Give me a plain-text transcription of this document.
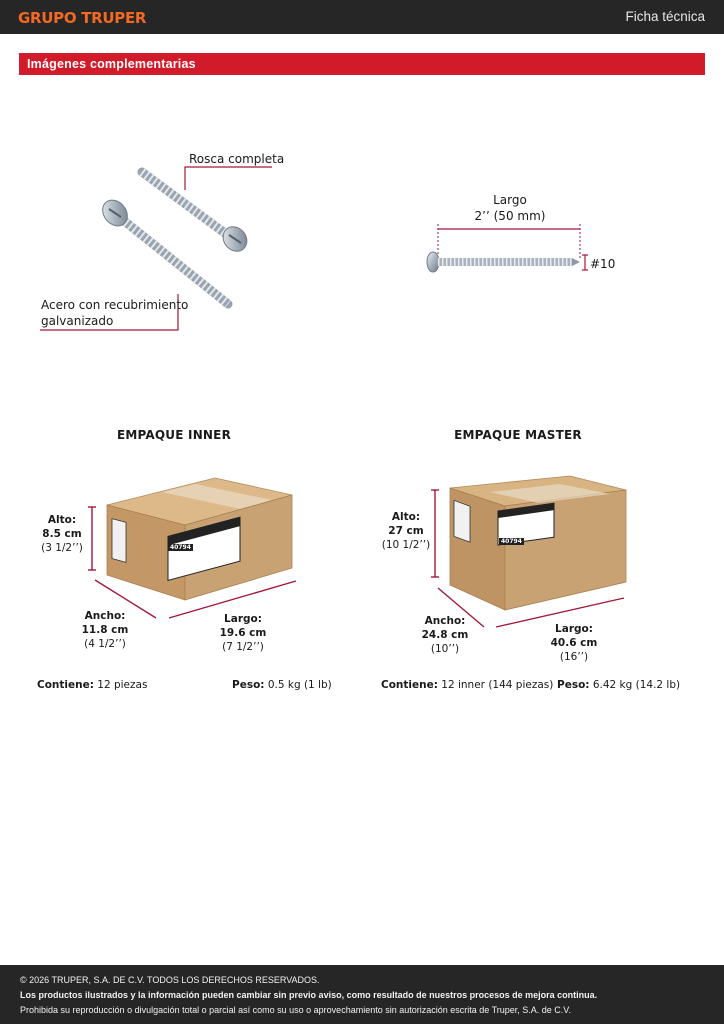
GRUPO TRUPER	Ficha técnica
Imágenes complementarias
Rosca completa
Acero con recubrimiento
galvanizado
Largo
2’’ (50 mm)
#10
EMPAQUE INNER
40794
Alto:
8.5 cm
(3 1/2’’)
Ancho:
11.8 cm
(4 1/2’’)
Largo:
19.6 cm
(7 1/2’’)
Contiene: 12 piezas	Peso: 0.5 kg (1 lb)
EMPAQUE MASTER
40794
Alto:
27 cm
(10 1/2’’)
Ancho:
24.8 cm
(10’’)
Largo:
40.6 cm
(16’’)
Contiene: 12 inner (144 piezas) Peso: 6.42 kg (14.2 lb)
© 2026 TRUPER, S.A. DE C.V. TODOS LOS DERECHOS RESERVADOS.
Los productos ilustrados y la información pueden cambiar sin previo aviso, como resultado de nuestros procesos de mejora continua.
Prohibida su reproducción o divulgación total o parcial así como su uso o aprovechamiento sin autorización escrita de Truper, S.A. de C.V.
